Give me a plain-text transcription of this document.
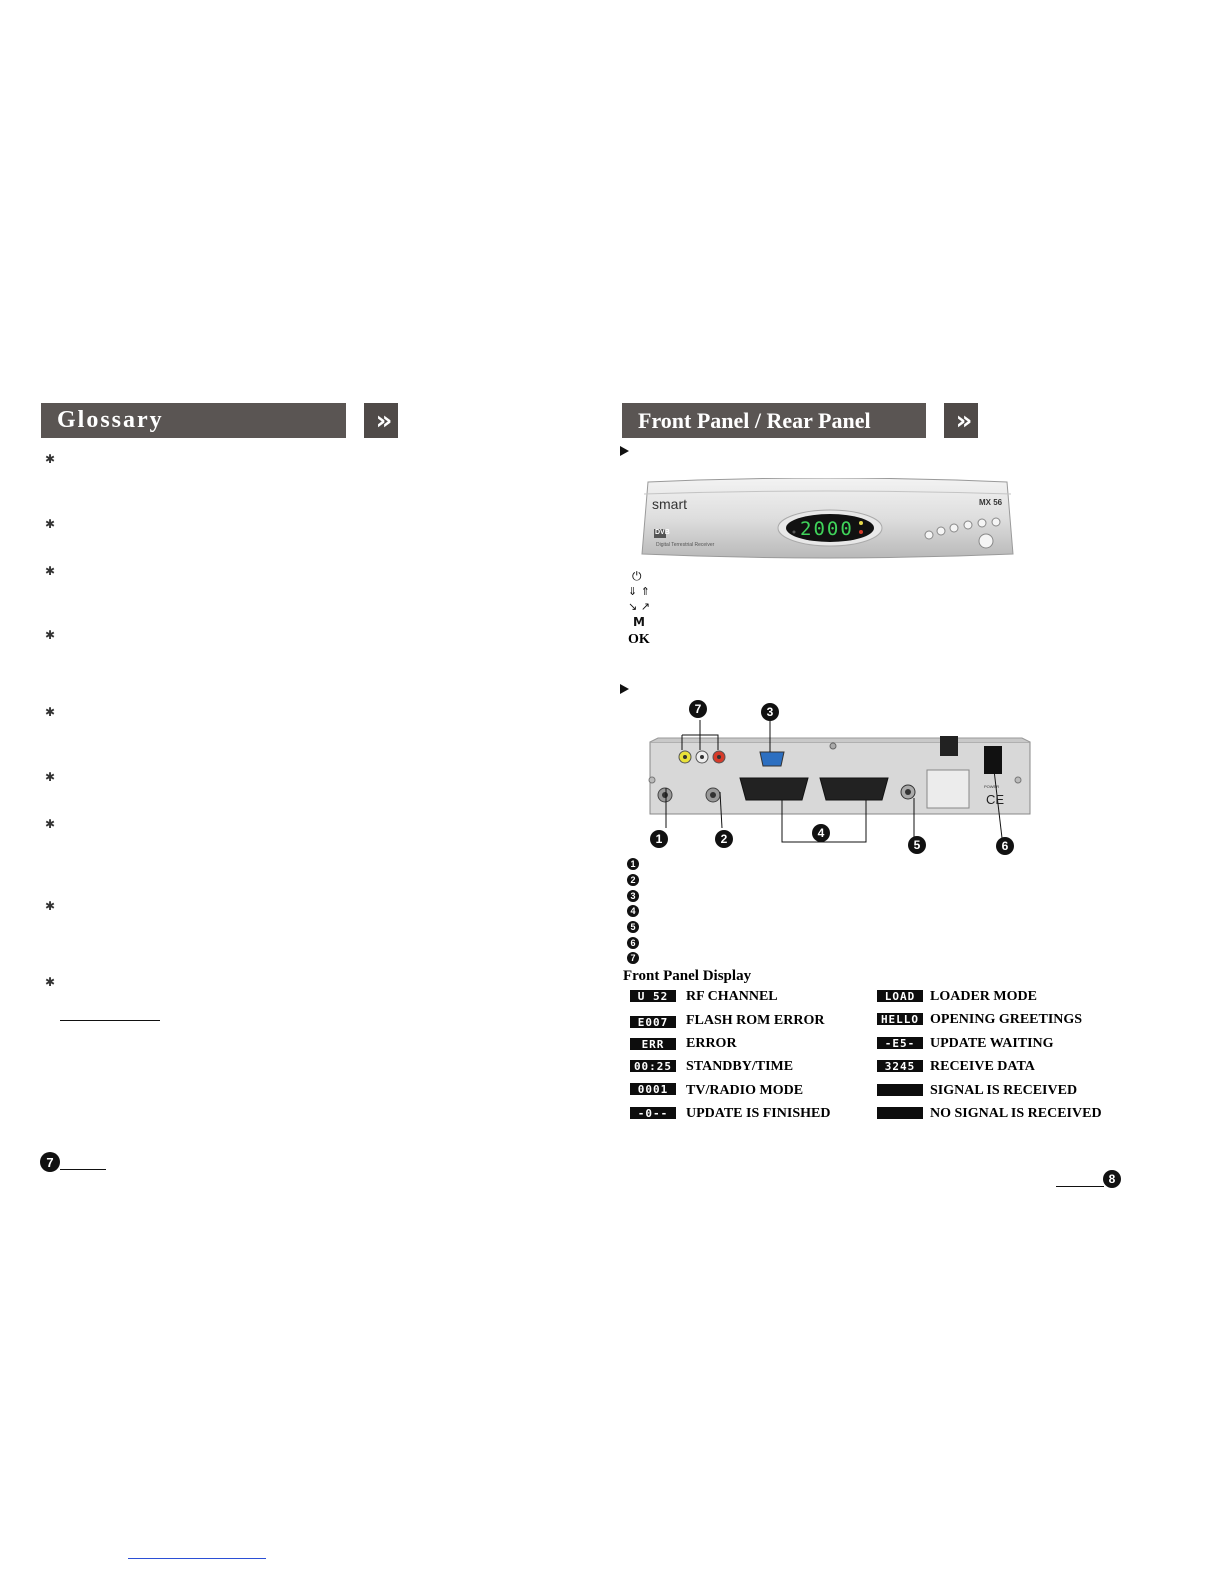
Glossary	»
✱
✱
✱
✱
✱
✱
✱
✱
✱
7
Front Panel / Rear Panel	»
smart	MX 56
2000
DVB
Digital Terrestrial Receiver
⏻
⇓ ⇑
↘ ↗
M
OK
7	3
1	2	4
5	6
POWER
CE
1
2
3
4
5
6
7
Front Panel Display
U 52	RF CHANNEL
E007	FLASH ROM ERROR
ERR	ERROR
00:25 STANDBY/TIME
0001	TV/RADIO MODE
-0--	UPDATE IS FINISHED
LOAD	LOADER MODE
HELLO OPENING GREETINGS
-E5-	UPDATE WAITING
3245	RECEIVE DATA
SIGNAL IS RECEIVED
NO SIGNAL IS RECEIVED
8
